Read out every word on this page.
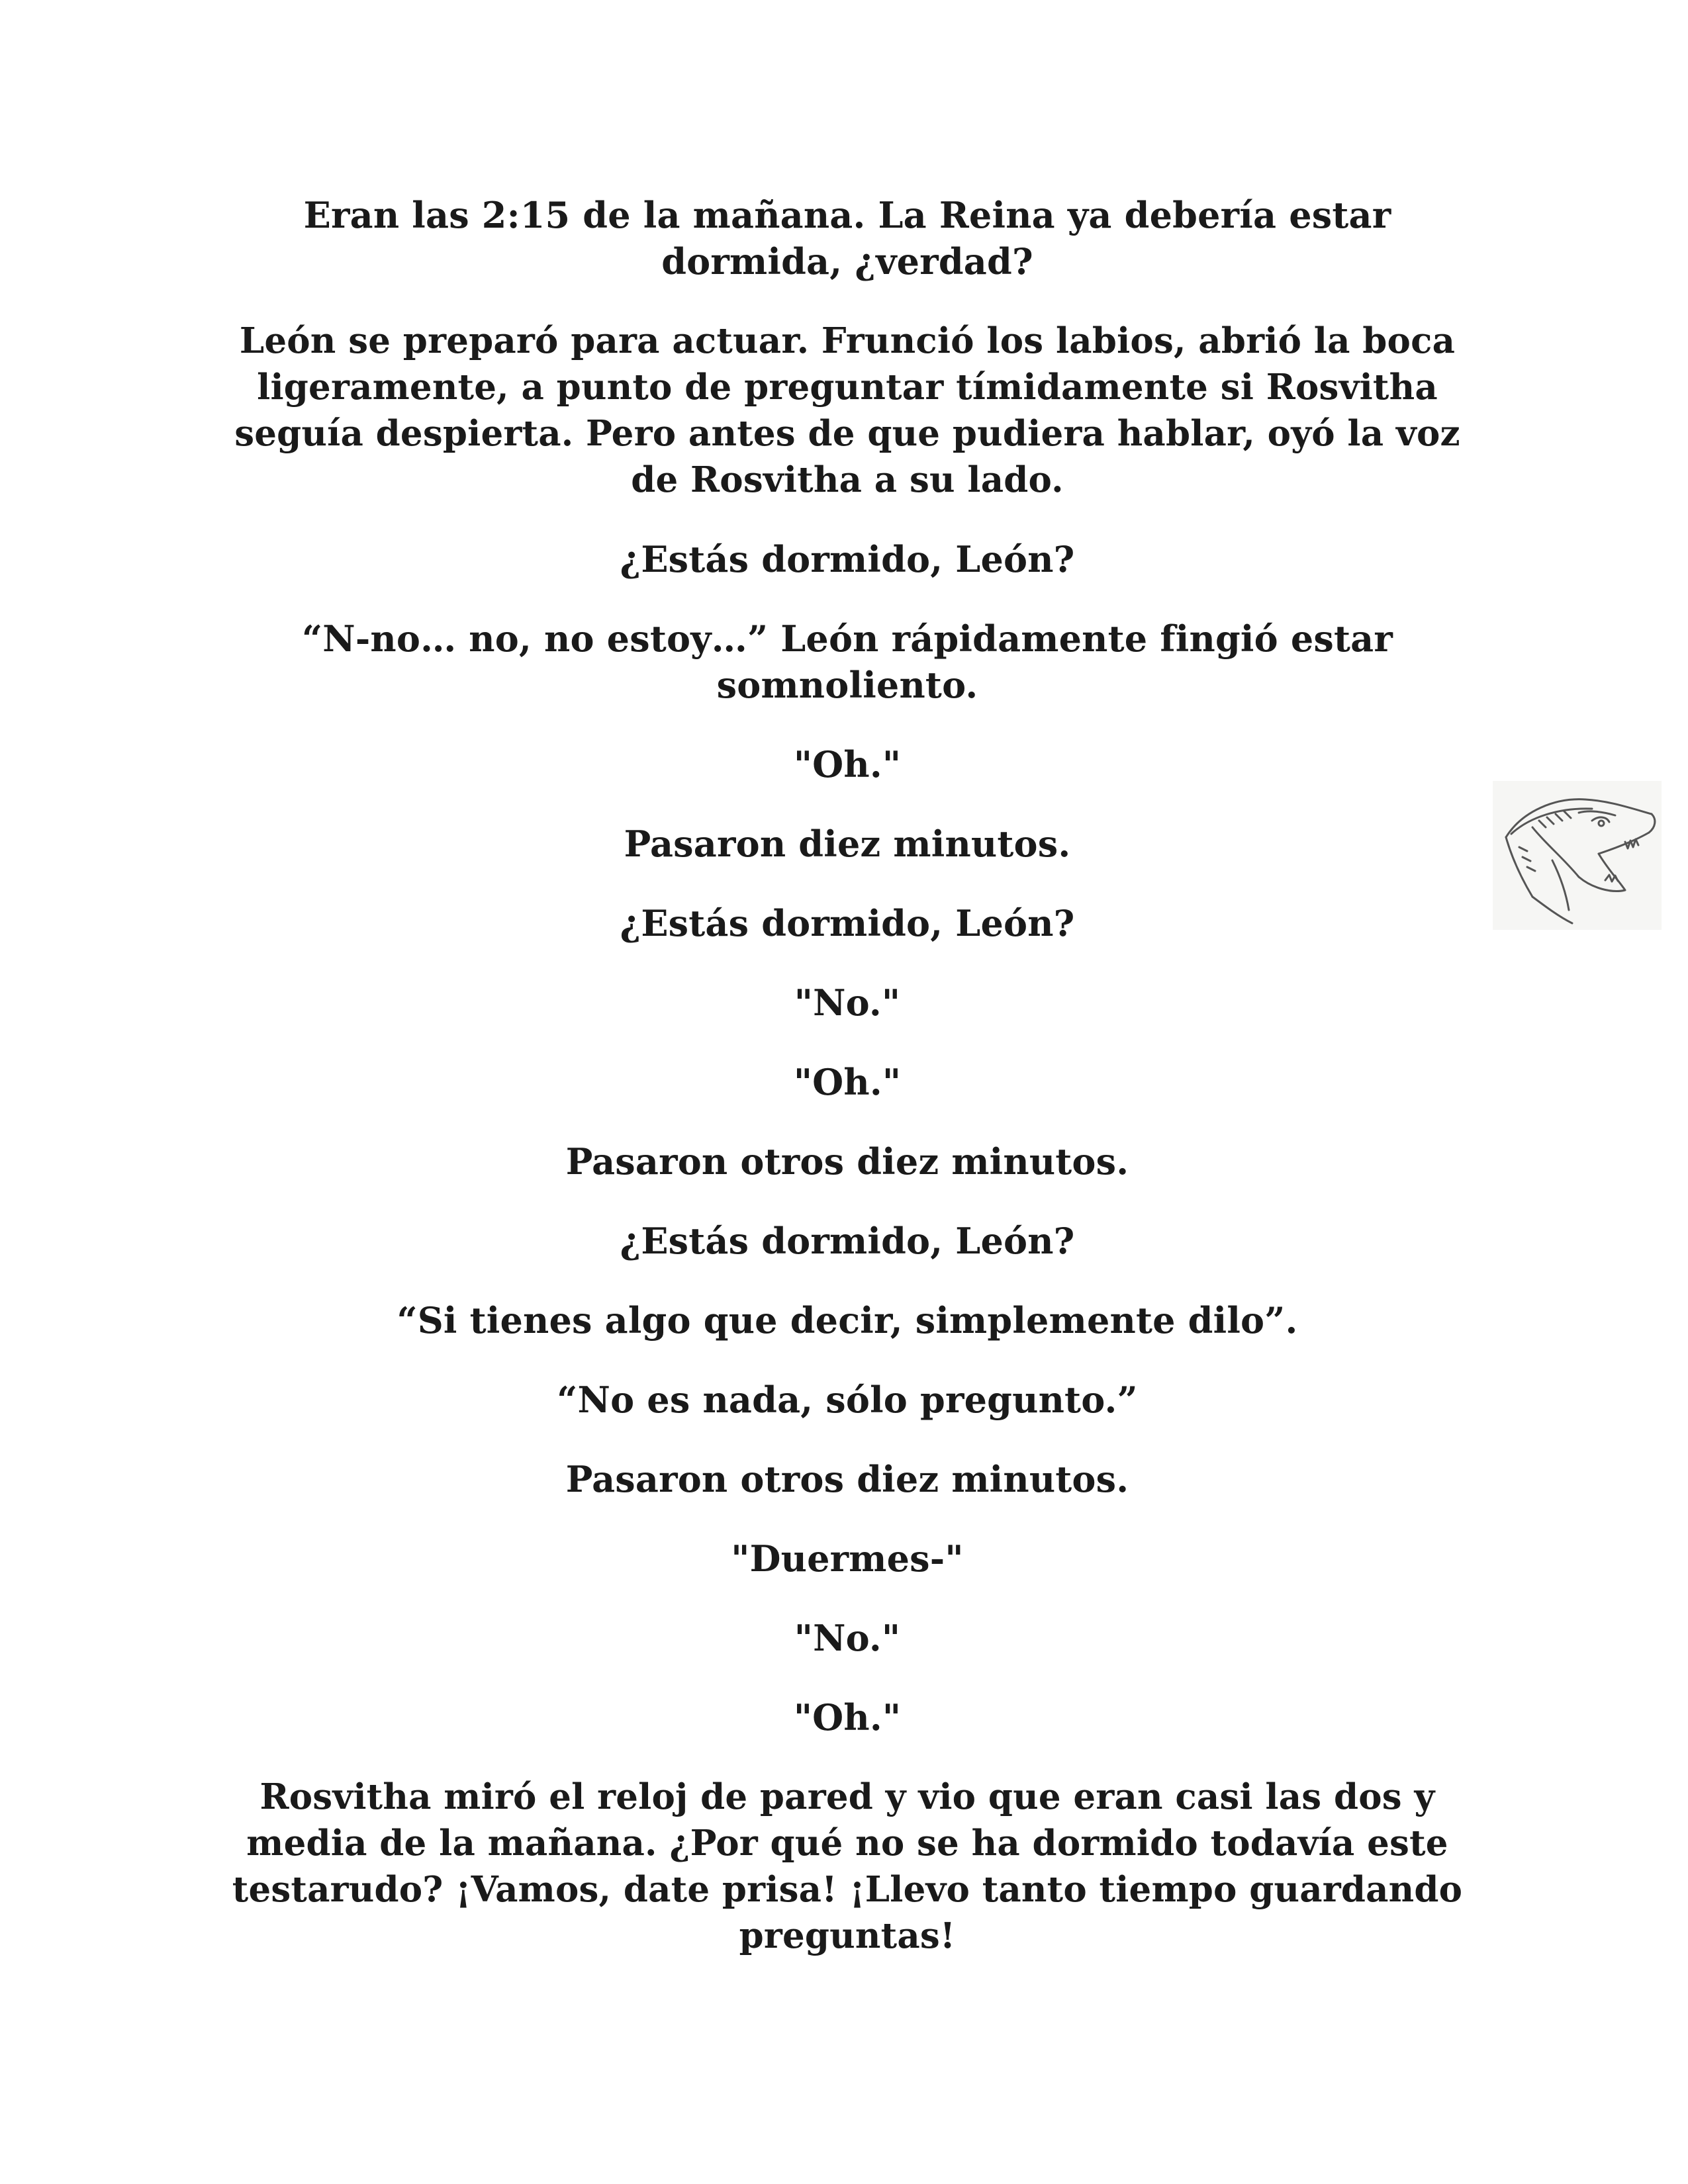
Eran las 2:15 de la mañana. La Reina ya debería estar dormida, ¿verdad?

León se preparó para actuar. Frunció los labios, abrió la boca ligeramente, a punto de preguntar tímidamente si Rosvitha seguía despierta. Pero antes de que pudiera hablar, oyó la voz de Rosvitha a su lado.

¿Estás dormido, León?

“N-no… no, no estoy…” León rápidamente fingió estar somnoliento.

"Oh."

Pasaron diez minutos.

¿Estás dormido, León?

"No."

"Oh."

Pasaron otros diez minutos.

¿Estás dormido, León?

“Si tienes algo que decir, simplemente dilo”.

“No es nada, sólo pregunto.”

Pasaron otros diez minutos.

"Duermes-"

"No."

"Oh."

Rosvitha miró el reloj de pared y vio que eran casi las dos y media de la mañana. ¿Por qué no se ha dormido todavía este testarudo? ¡Vamos, date prisa! ¡Llevo tanto tiempo guardando preguntas!
